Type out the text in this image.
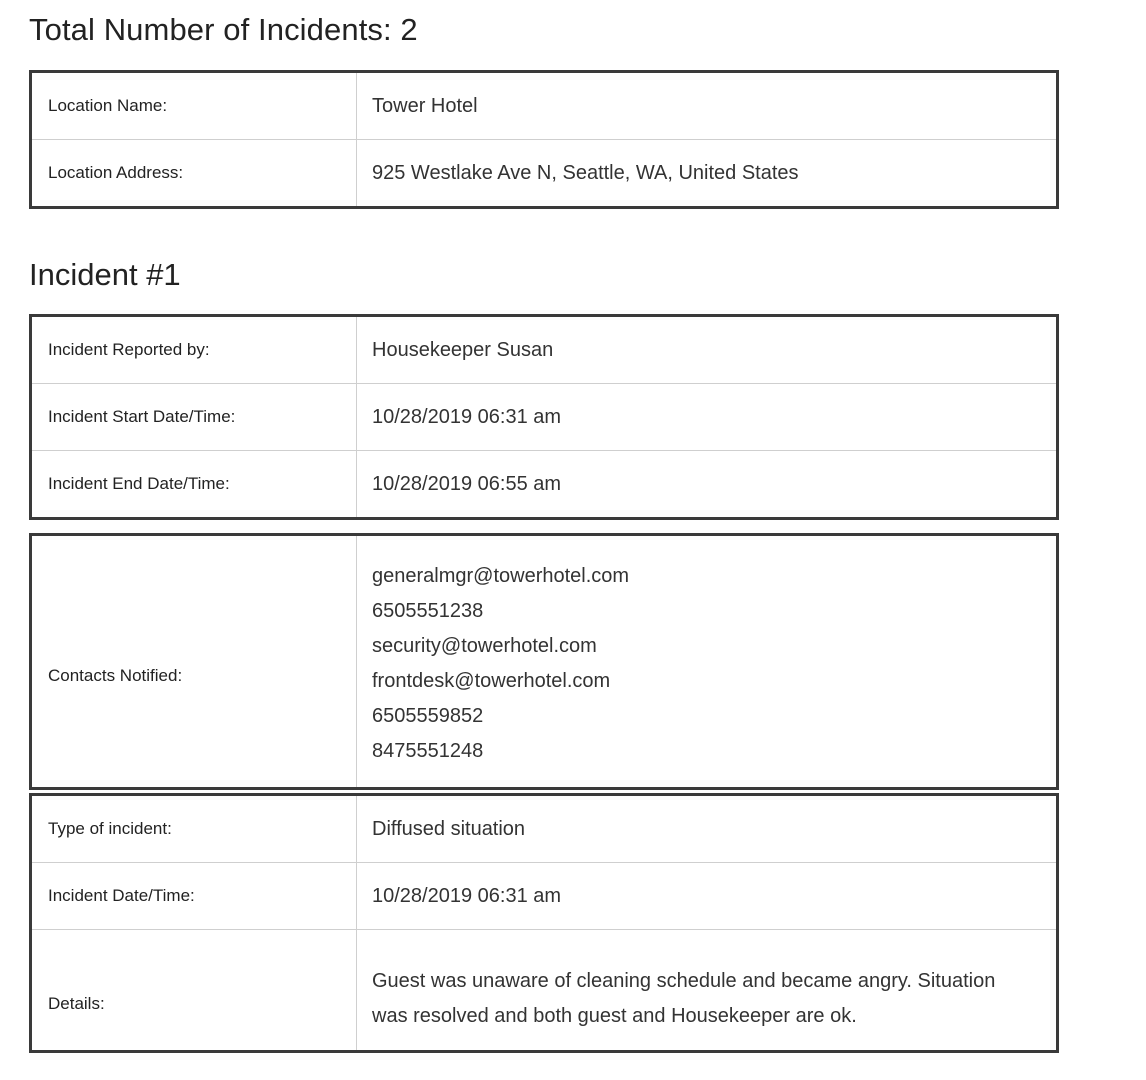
Total Number of Incidents: 2
Location Name:	Tower Hotel
Location Address:	925 Westlake Ave N, Seattle, WA, United States
Incident #1
Incident Reported by:	Housekeeper Susan
Incident Start Date/Time:	10/28/2019 06:31 am
Incident End Date/Time:	10/28/2019 06:55 am
Contacts Notified:	
generalmgr@towerhotel.com
6505551238
security@towerhotel.com
frontdesk@towerhotel.com
6505559852
8475551248
Type of incident:	Diffused situation
Incident Date/Time:	10/28/2019 06:31 am
Details:	Guest was unaware of cleaning schedule and became angry. Situation was resolved and both guest and Housekeeper are ok.
